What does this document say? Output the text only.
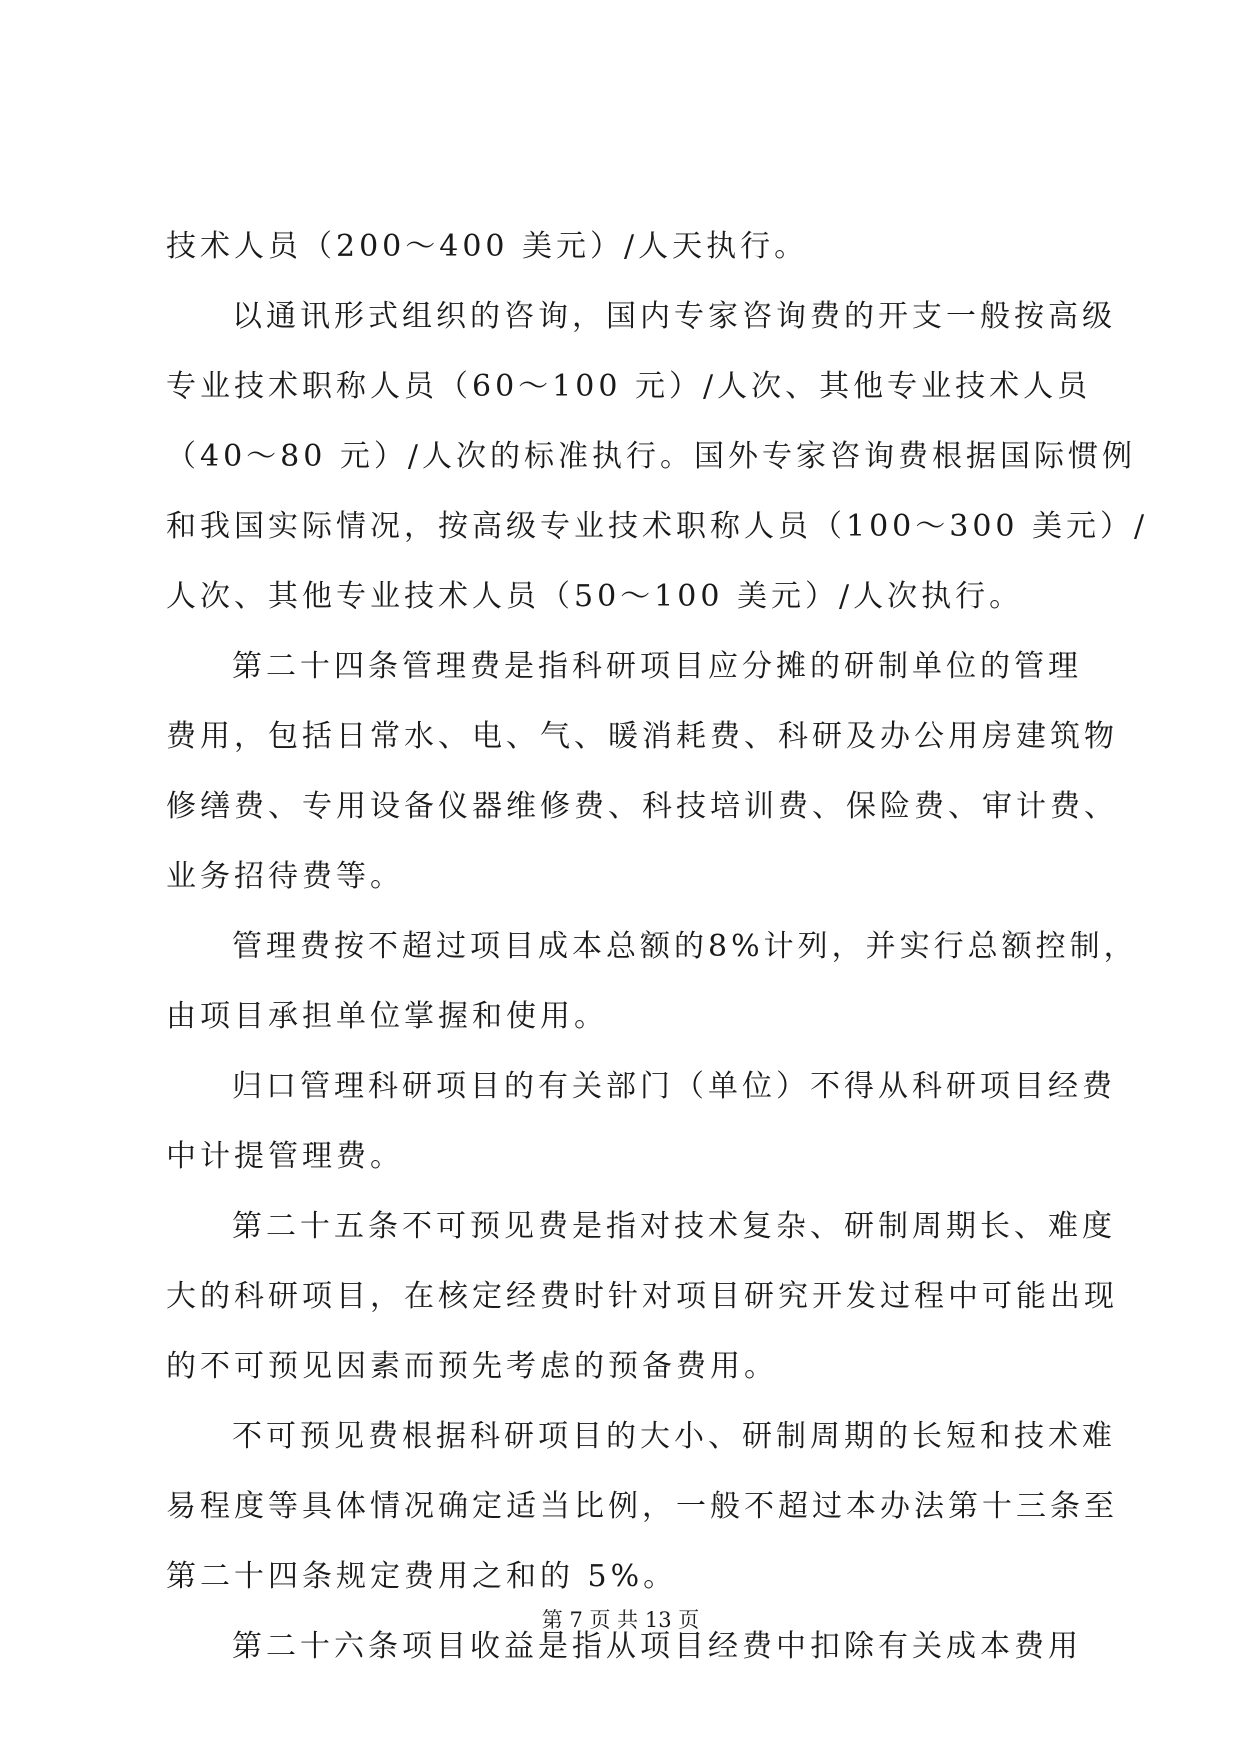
技术人员（200～400 美元）/人天执行。
以通讯形式组织的咨询，国内专家咨询费的开支一般按高级
专业技术职称人员（60～100 元）/人次、其他专业技术人员
（40～80 元）/人次的标准执行。国外专家咨询费根据国际惯例
和我国实际情况，按高级专业技术职称人员（100～300 美元）/
人次、其他专业技术人员（50～100 美元）/人次执行。
第二十四条管理费是指科研项目应分摊的研制单位的管理
费用，包括日常水、电、气、暖消耗费、科研及办公用房建筑物
修缮费、专用设备仪器维修费、科技培训费、保险费、审计费、
业务招待费等。
管理费按不超过项目成本总额的8%计列，并实行总额控制，
由项目承担单位掌握和使用。
归口管理科研项目的有关部门（单位）不得从科研项目经费
中计提管理费。
第二十五条不可预见费是指对技术复杂、研制周期长、难度
大的科研项目，在核定经费时针对项目研究开发过程中可能出现
的不可预见因素而预先考虑的预备费用。
不可预见费根据科研项目的大小、研制周期的长短和技术难
易程度等具体情况确定适当比例，一般不超过本办法第十三条至
第二十四条规定费用之和的 5%。
第二十六条项目收益是指从项目经费中扣除有关成本费用
第 7 页 共 13 页
